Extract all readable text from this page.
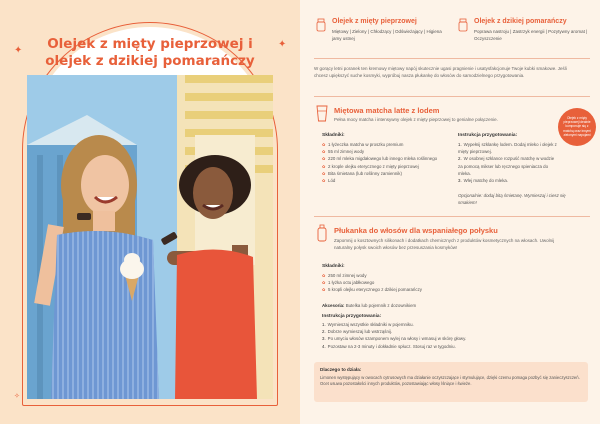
✦
✦
✧
Olejek z mięty pieprzowej i
olejek z dzikiej pomarańczy
Olejek z mięty pieprzowej
Miętowy | Zielony | Chłodzący | Odświeżający | Higiena jamy ustnej
Olejek z dzikiej pomarańczy
Poprawa nastroju | Zastrzyk energii | Pozytywny aromat | Oczyszczenie
W gorący letni poranek ten kremowy miętowy napój skutecznie ugasi pragnienie i usatysfakcjonuje Twoje kubki smakowe. Jeśli chcesz upiększyć suche kosmyki, wypróbuj nasza płukankę do włosów do samodzielnego przygotowania.
Miętowa matcha latte z lodem
Pełna mocy matcha i intensywny olejek z mięty pieprzowej to genialne połączenie.	Olejek z mięty pieprzowej idealnie komponuje się z matchą oraz innymi zielonymi napojami
Składniki:
✿ 1 łyżeczka matcha w proszku premium
✿ 55 ml zimnej wody
✿ 220 ml mleka migdałowego lub innego mleka roślinnego
✿ 2 krople olejku eterycznego z mięty pieprzowej
✿ Bita śmietana (lub roślinny zamiennik)
✿ Lód
Instrukcja przygotowania:
1. Wypełnij szklankę lodem. Dodaj mleko i olejek z mięty pieprzowej.
2. W osobnej szklance rozpuść matchę w wodzie za pomocą mikser lub ręcznego spieniacza do mleka.
3. Wlej matchę do mleka.
Opcjonalnie: dodaj bitą śmietanę. Wymieszaj i ciesz się smakiem!
Płukanka do włosów dla wspaniałego połysku
Zapomnij o kosztownych silikonach i dodatkach chemicznych z produktów kosmetycznych na włosach. Uwolnij naturalny połysk swoich włosów bez przesuszania kosmyków!
Składniki:
✿ 250 ml zimnej wody
✿ 1 łyżka octu jabłkowego
✿ 5 kropli olejku eterycznego z dzikiej pomarańczy
Akcesoria: Butelka lub pojemnik z dozownikiem
Instrukcja przygotowania:
1. Wymieszaj wszystkie składniki w pojemniku.
2. Dobrze wymieszaj lub wstrząśnij.
3. Po umyciu włosów szamponem wylej na włosy i wmasuj w skórę głowy.
4. Pozostaw na 2-3 minuty i dokładnie spłucz. Stosuj raz w tygodniu.
Dlaczego to działa:
Limonen występujący w owocach cytrusowych ma działanie oczyszczające i stymulujące, dzięki czemu pomaga pozbyć się zanieczyszczeń. Ocet usuwa pozostałości innych produktów, pozostawiając włosy lśniące i świeże.
